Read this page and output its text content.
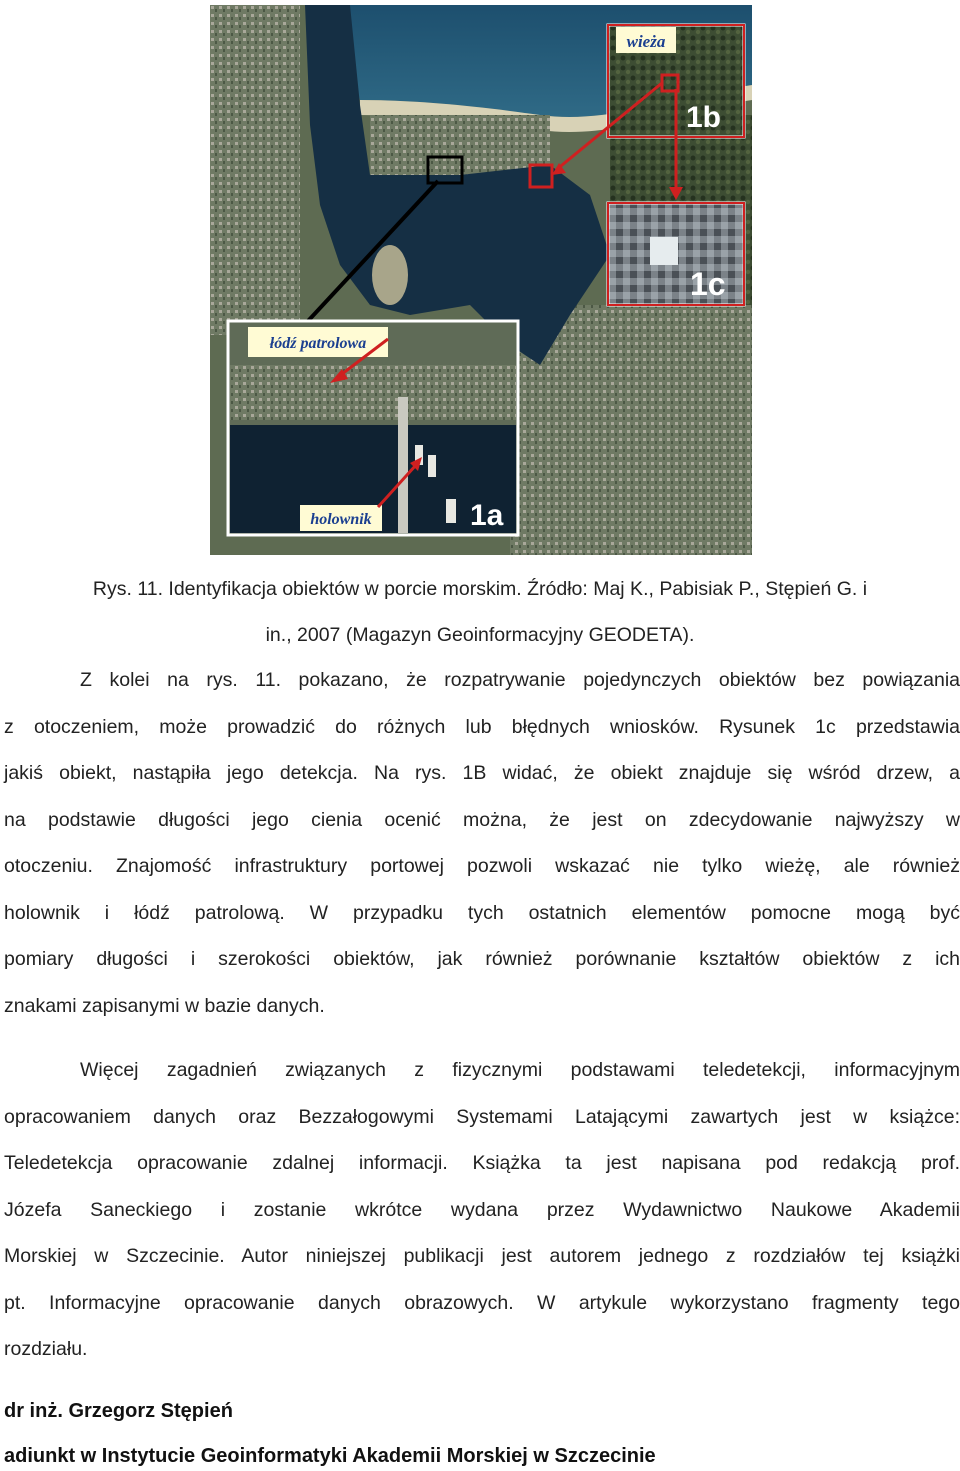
wieża
1b
1c
łódź patrolowa
holownik	1a
Rys. 11. Identyfikacja obiektów w porcie morskim. Źródło: Maj K., Pabisiak P., Stępień G. i
in., 2007 (Magazyn Geoinformacyjny GEODETA).
Z kolei na rys. 11. pokazano, że rozpatrywanie pojedynczych obiektów bez powiązania
z otoczeniem, może prowadzić do różnych lub błędnych wniosków. Rysunek 1c przedstawia
jakiś obiekt, nastąpiła jego detekcja. Na rys. 1B widać, że obiekt znajduje się wśród drzew, a
na podstawie długości jego cienia ocenić można, że jest on zdecydowanie najwyższy w
otoczeniu. Znajomość infrastruktury portowej pozwoli wskazać nie tylko wieżę, ale również
holownik i łódź patrolową. W przypadku tych ostatnich elementów pomocne mogą być
pomiary długości i szerokości obiektów, jak również porównanie kształtów obiektów z ich
znakami zapisanymi w bazie danych.
Więcej zagadnień związanych z fizycznymi podstawami teledetekcji, informacyjnym
opracowaniem danych oraz Bezzałogowymi Systemami Latającymi zawartych jest w książce:
Teledetekcja opracowanie zdalnej informacji. Książka ta jest napisana pod redakcją prof.
Józefa Saneckiego i zostanie wkrótce wydana przez Wydawnictwo Naukowe Akademii
Morskiej w Szczecinie. Autor niniejszej publikacji jest autorem jednego z rozdziałów tej książki
pt. Informacyjne opracowanie danych obrazowych. W artykule wykorzystano fragmenty tego
rozdziału.
dr inż. Grzegorz Stępień
adiunkt w Instytucie Geoinformatyki Akademii Morskiej w Szczecinie
